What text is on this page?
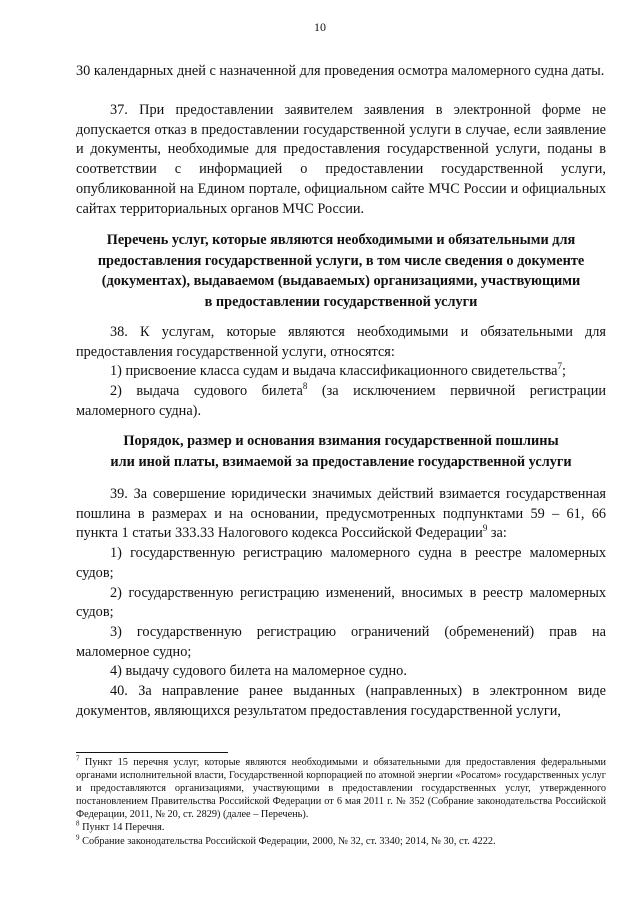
10
30 календарных дней с назначенной для проведения осмотра маломерного судна даты.
37. При предоставлении заявителем заявления в электронной форме не допускается отказ в предоставлении государственной услуги в случае, если заявление и документы, необходимые для предоставления государственной услуги, поданы в соответствии с информацией о предоставлении государственной услуги, опубликованной на Едином портале, официальном сайте МЧС России и официальных сайтах территориальных органов МЧС России.
Перечень услуг, которые являются необходимыми и обязательными для
предоставления государственной услуги, в том числе сведения о документе
(документах), выдаваемом (выдаваемых) организациями, участвующими
в предоставлении государственной услуги
38. К услугам, которые являются необходимыми и обязательными для предоставления государственной услуги, относятся:
1) присвоение класса судам и выдача классификационного свидетельства$^7$;
2) выдача судового билета$^8$ (за исключением первичной регистрации маломерного судна).
Порядок, размер и основания взимания государственной пошлины
или иной платы, взимаемой за предоставление государственной услуги
39. За совершение юридически значимых действий взимается государственная пошлина в размерах и на основании, предусмотренных подпунктами 59 – 61, 66 пункта 1 статьи 333.33 Налогового кодекса Российской Федерации$^9$ за:
1) государственную регистрацию маломерного судна в реестре маломерных судов;
2) государственную регистрацию изменений, вносимых в реестр маломерных судов;
3) государственную регистрацию ограничений (обременений) прав на маломерное судно;
4) выдачу судового билета на маломерное судно.
40. За направление ранее выданных (направленных) в электронном виде документов, являющихся результатом предоставления государственной услуги,
$^7$ Пункт 15 перечня услуг, которые являются необходимыми и обязательными для предоставления федеральными органами исполнительной власти, Государственной корпорацией по атомной энергии «Росатом» государственных услуг и предоставляются организациями, участвующими в предоставлении государственных услуг, утвержденного постановлением Правительства Российской Федерации от 6 мая 2011 г. № 352 (Собрание законодательства Российской Федерации, 2011, № 20, ст. 2829) (далее – Перечень).
$^8$ Пункт 14 Перечня.
$^9$ Собрание законодательства Российской Федерации, 2000, № 32, ст. 3340; 2014, № 30, ст. 4222.
